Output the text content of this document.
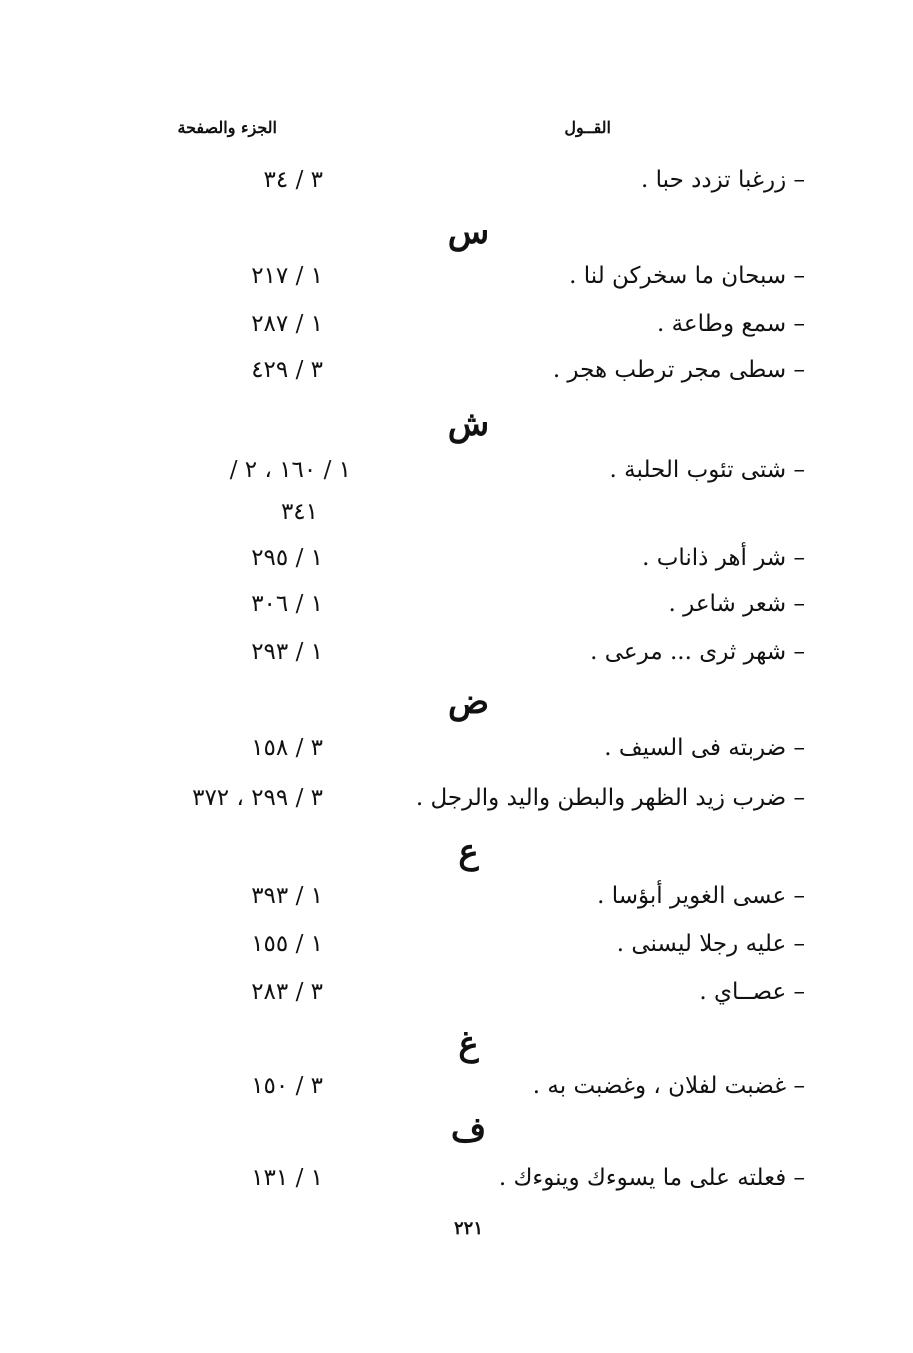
القــول
الجزء والصفحة
– زرغبا تزدد حبا .
٣ / ٣٤
س
– سبحان ما سخركن لنا .
١ / ٢١٧
– سمع وطاعة .
١ / ٢٨٧
– سطى مجر ترطب هجر .
٣ / ٤٢٩
ش
– شتى تئوب الحلبة .
١ / ١٦٠ ، ٢ /
٣٤١
– شر أهر ذاناب .
١ / ٢٩٥
– شعر شاعر .
١ / ٣٠٦
– شهر ثرى ... مرعى .
١ / ٢٩٣
ض
– ضربته فى السيف .
٣ / ١٥٨
– ضرب زيد الظهر والبطن واليد والرجل .
٣ / ٢٩٩ ، ٣٧٢
ع
– عسى الغوير أبؤسا .
١ / ٣٩٣
– عليه رجلا ليسنى .
١ / ١٥٥
– عصــاي .
٣ / ٢٨٣
غ
– غضبت لفلان ، وغضبت به .
٣ / ١٥٠
ف
– فعلته على ما يسوءك وينوءك .
١ / ١٣١
٢٢١
